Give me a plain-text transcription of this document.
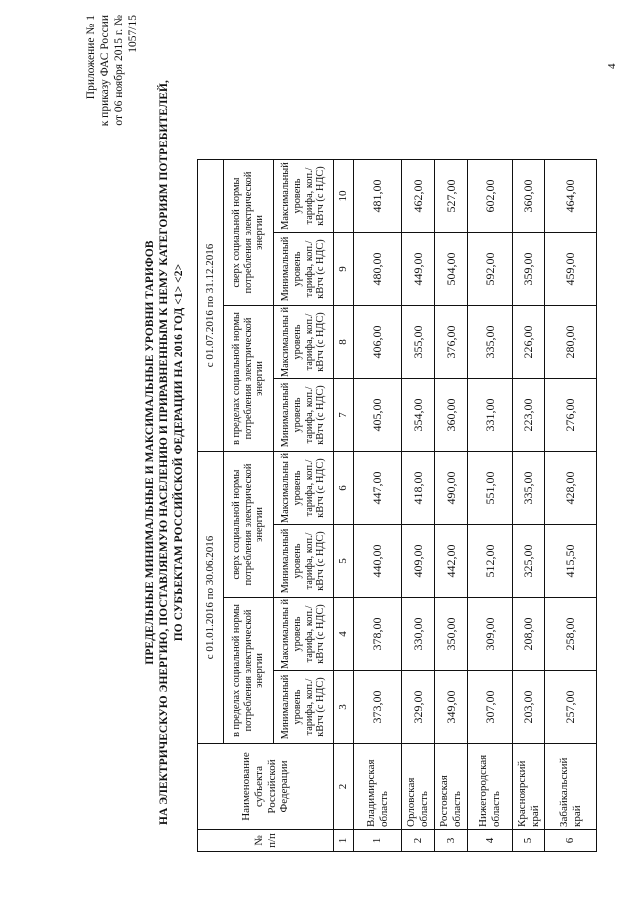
4
Приложение № 1 к приказу ФАС России от 06 ноября 2015 г. № 1057/15
ПРЕДЕЛЬНЫЕ МИНИМАЛЬНЫЕ И МАКСИМАЛЬНЫЕ УРОВНИ ТАРИФОВ НА ЭЛЕКТРИЧЕСКУЮ ЭНЕРГИЮ, ПОСТАВЛЯЕМУЮ НАСЕЛЕНИЮ И ПРИРАВНЕННЫМ К НЕМУ КАТЕГОРИЯМ ПОТРЕБИТЕЛЕЙ, ПО СУБЪЕКТАМ РОССИЙСКОЙ ФЕДЕРАЦИИ НА 2016 ГОД <1> <2>
№ п/п	Наименование субъекта Российской Федерации	с 01.01.2016 по 30.06.2016				с 01.07.2016 по 31.12.2016			
		в пределах социальной нормы потребления электрической энергии		сверх социальной нормы потребления электрической энергии		в пределах социальной нормы потребления электрической энергии		сверх социальной нормы потребления электрической энергии	
		Минимальный уровень тарифа, коп./кВтч (с НДС)	Максимальны й уровень тарифа, коп./кВтч (с НДС)	Минимальный уровень тарифа, коп./кВтч (с НДС)	Максимальны й уровень тарифа, коп./кВтч (с НДС)	Минимальный уровень тарифа, коп./кВтч (с НДС)	Максимальны й уровень тарифа, коп./кВтч (с НДС)	Минимальный уровень тарифа, коп./кВтч (с НДС)	Максимальный уровень тарифа, коп./кВтч (с НДС)
1	2	3	4	5	6	7	8	9	10
1	Владимирская область	373,00	378,00	440,00	447,00	405,00	406,00	480,00	481,00
2	Орловская область	329,00	330,00	409,00	418,00	354,00	355,00	449,00	462,00
3	Ростовская область	349,00	350,00	442,00	490,00	360,00	376,00	504,00	527,00
4	Нижегородская область	307,00	309,00	512,00	551,00	331,00	335,00	592,00	602,00
5	Красноярский край	203,00	208,00	325,00	335,00	223,00	226,00	359,00	360,00
6	Забайкальский край	257,00	258,00	415,50	428,00	276,00	280,00	459,00	464,00
